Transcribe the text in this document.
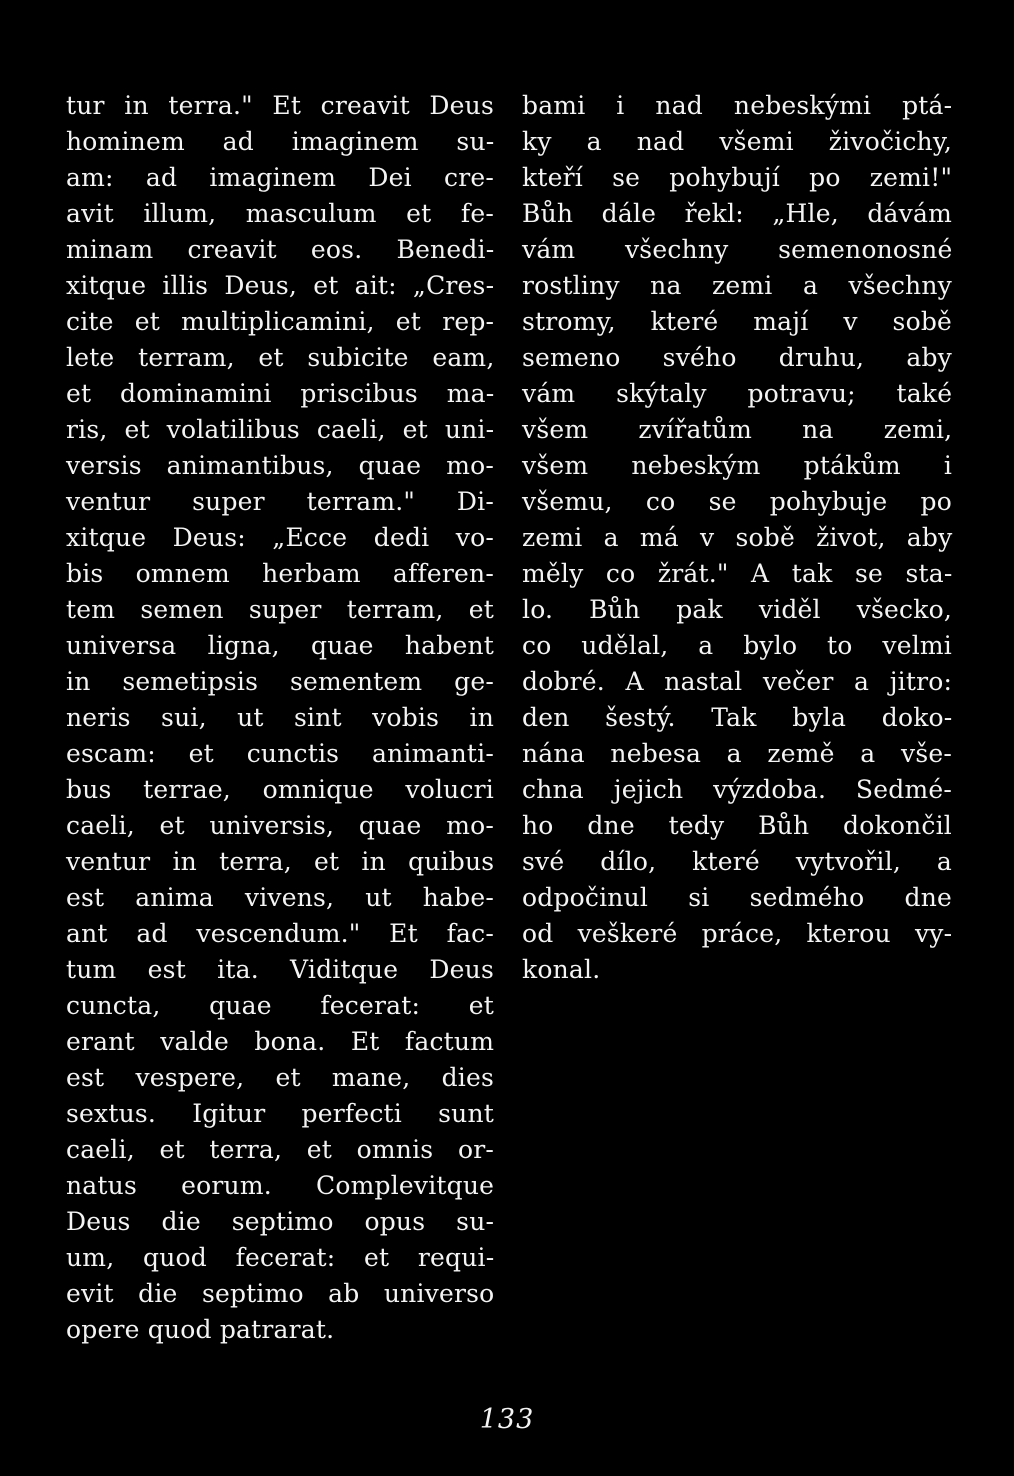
tur in terra." Et creavit Deus
hominem ad imaginem su-
am: ad imaginem Dei cre-
avit illum, masculum et fe-
minam creavit eos. Benedi-
xitque illis Deus, et ait: „Cres-
cite et multiplicamini, et rep-
lete terram, et subicite eam,
et dominamini priscibus ma-
ris, et volatilibus caeli, et uni-
versis animantibus, quae mo-
ventur super terram." Di-
xitque Deus: „Ecce dedi vo-
bis omnem herbam afferen-
tem semen super terram, et
universa ligna, quae habent
in semetipsis sementem ge-
neris sui, ut sint vobis in
escam: et cunctis animanti-
bus terrae, omnique volucri
caeli, et universis, quae mo-
ventur in terra, et in quibus
est anima vivens, ut habe-
ant ad vescendum." Et fac-
tum est ita. Viditque Deus
cuncta, quae fecerat: et
erant valde bona. Et factum
est vespere, et mane, dies
sextus. Igitur perfecti sunt
caeli, et terra, et omnis or-
natus eorum. Complevitque
Deus die septimo opus su-
um, quod fecerat: et requi-
evit die septimo ab universo
opere quod patrarat.
bami i nad nebeskými ptá-
ky a nad všemi živočichy,
kteří se pohybují po zemi!"
Bůh dále řekl: „Hle, dávám
vám všechny semenonosné
rostliny na zemi a všechny
stromy, které mají v sobě
semeno svého druhu, aby
vám skýtaly potravu; také
všem zvířatům na zemi,
všem nebeským ptákům i
všemu, co se pohybuje po
zemi a má v sobě život, aby
měly co žrát." A tak se sta-
lo. Bůh pak viděl všecko,
co udělal, a bylo to velmi
dobré. A nastal večer a jitro:
den šestý. Tak byla doko-
nána nebesa a země a vše-
chna jejich výzdoba. Sedmé-
ho dne tedy Bůh dokončil
své dílo, které vytvořil, a
odpočinul si sedmého dne
od veškeré práce, kterou vy-
konal.
133
